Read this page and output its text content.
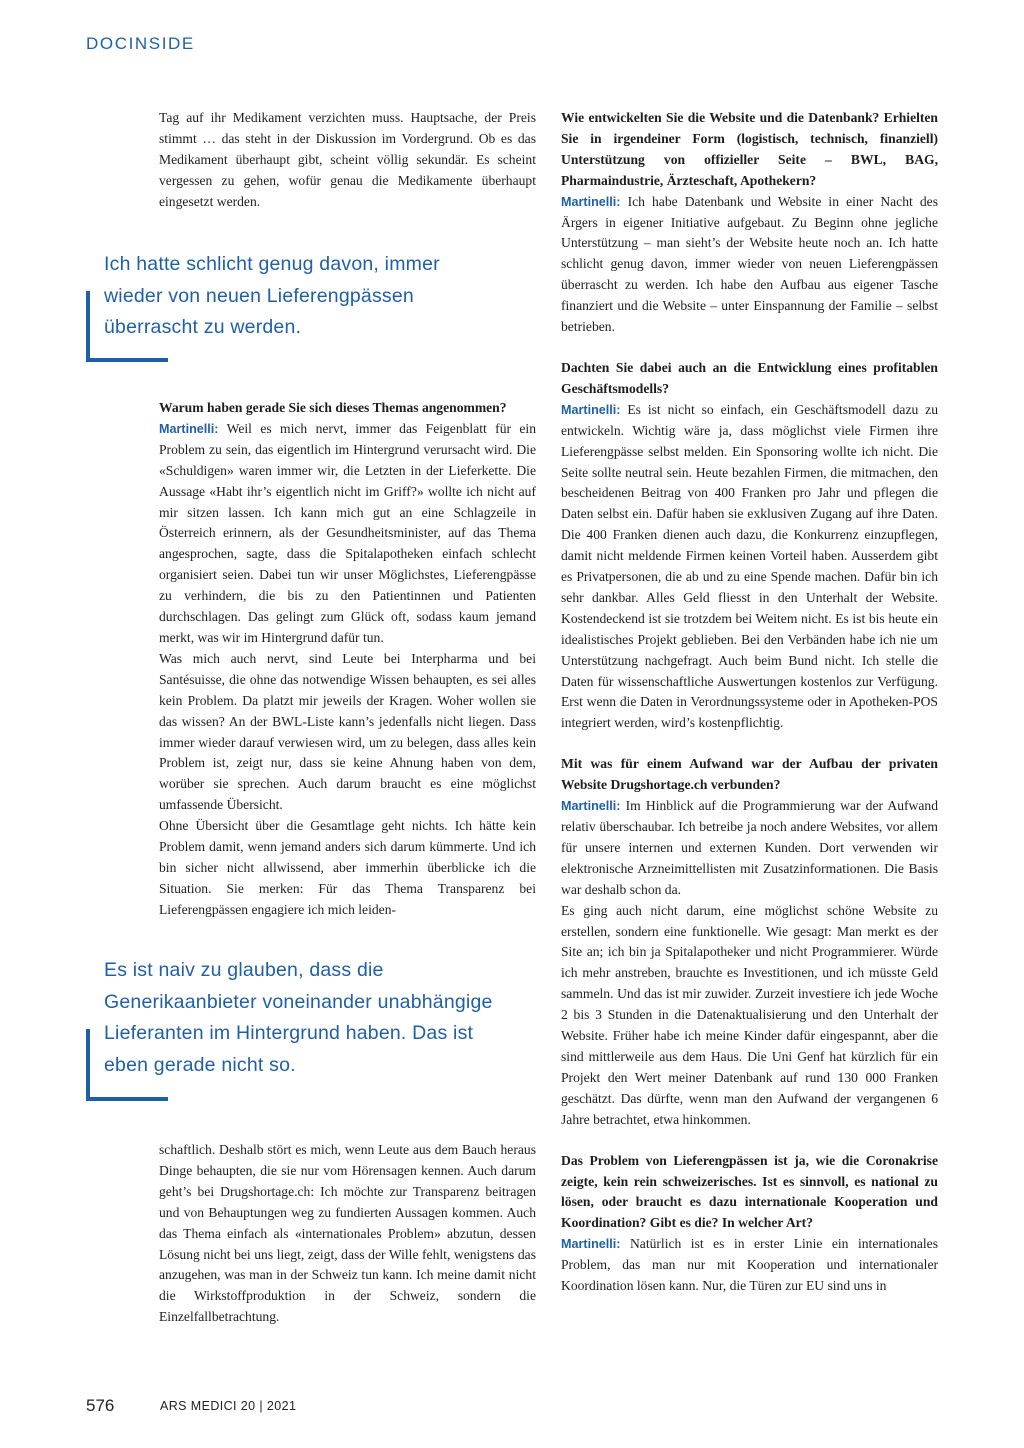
DOCINSIDE

Tag auf ihr Medikament verzichten muss. Hauptsache, der Preis stimmt … das steht in der Diskussion im Vordergrund. Ob es das Medikament überhaupt gibt, scheint völlig sekundär. Es scheint vergessen zu gehen, wofür genau die Medikamente überhaupt eingesetzt werden.

Ich hatte schlicht genug davon, immer
wieder von neuen Lieferengpässen
überrascht zu werden.

Warum haben gerade Sie sich dieses Themas angenommen?

Martinelli: Weil es mich nervt, immer das Feigenblatt für ein Problem zu sein, das eigentlich im Hintergrund verursacht wird. Die «Schuldigen» waren immer wir, die Letzten in der Lieferkette. Die Aussage «Habt ihr’s eigentlich nicht im Griff?» wollte ich nicht auf mir sitzen lassen. Ich kann mich gut an eine Schlagzeile in Österreich erinnern, als der Gesundheitsminister, auf das Thema angesprochen, sagte, dass die Spitalapotheken einfach schlecht organisiert seien. Dabei tun wir unser Möglichstes, Lieferengpässe zu verhindern, die bis zu den Patientinnen und Patienten durchschlagen. Das gelingt zum Glück oft, sodass kaum jemand merkt, was wir im Hintergrund dafür tun.

Was mich auch nervt, sind Leute bei Interpharma und bei Santésuisse, die ohne das notwendige Wissen behaupten, es sei alles kein Problem. Da platzt mir jeweils der Kragen. Woher wollen sie das wissen? An der BWL-Liste kann’s jedenfalls nicht liegen. Dass immer wieder darauf verwiesen wird, um zu belegen, dass alles kein Problem ist, zeigt nur, dass sie keine Ahnung haben von dem, worüber sie sprechen. Auch darum braucht es eine möglichst umfassende Übersicht.

Ohne Übersicht über die Gesamtlage geht nichts. Ich hätte kein Problem damit, wenn jemand anders sich darum kümmerte. Und ich bin sicher nicht allwissend, aber immerhin überblicke ich die Situation. Sie merken: Für das Thema Transparenz bei Lieferengpässen engagiere ich mich leiden-

Es ist naiv zu glauben, dass die
Generikaanbieter voneinander unabhängige
Lieferanten im Hintergrund haben. Das ist
eben gerade nicht so.

schaftlich. Deshalb stört es mich, wenn Leute aus dem Bauch heraus Dinge behaupten, die sie nur vom Hörensagen kennen. Auch darum geht’s bei Drugshortage.ch: Ich möchte zur Transparenz beitragen und von Behauptungen weg zu fundierten Aussagen kommen. Auch das Thema einfach als «internationales Problem» abzutun, dessen Lösung nicht bei uns liegt, zeigt, dass der Wille fehlt, wenigstens das anzugehen, was man in der Schweiz tun kann. Ich meine damit nicht die Wirkstoffproduktion in der Schweiz, sondern die Einzelfallbetrachtung.

Wie entwickelten Sie die Website und die Datenbank? Erhielten Sie in irgendeiner Form (logistisch, technisch, finanziell) Unterstützung von offizieller Seite – BWL, BAG, Pharmaindustrie, Ärzteschaft, Apothekern?

Martinelli: Ich habe Datenbank und Website in einer Nacht des Ärgers in eigener Initiative aufgebaut. Zu Beginn ohne jegliche Unterstützung – man sieht’s der Website heute noch an. Ich hatte schlicht genug davon, immer wieder von neuen Lieferengpässen überrascht zu werden. Ich habe den Aufbau aus eigener Tasche finanziert und die Website – unter Einspannung der Familie – selbst betrieben.

Dachten Sie dabei auch an die Entwicklung eines profitablen Geschäftsmodells?

Martinelli: Es ist nicht so einfach, ein Geschäftsmodell dazu zu entwickeln. Wichtig wäre ja, dass möglichst viele Firmen ihre Lieferengpässe selbst melden. Ein Sponsoring wollte ich nicht. Die Seite sollte neutral sein. Heute bezahlen Firmen, die mitmachen, den bescheidenen Beitrag von 400 Franken pro Jahr und pflegen die Daten selbst ein. Dafür haben sie exklusiven Zugang auf ihre Daten. Die 400 Franken dienen auch dazu, die Konkurrenz einzupflegen, damit nicht meldende Firmen keinen Vorteil haben. Ausserdem gibt es Privatpersonen, die ab und zu eine Spende machen. Dafür bin ich sehr dankbar. Alles Geld fliesst in den Unterhalt der Website. Kostendeckend ist sie trotzdem bei Weitem nicht. Es ist bis heute ein idealistisches Projekt geblieben. Bei den Verbänden habe ich nie um Unterstützung nachgefragt. Auch beim Bund nicht. Ich stelle die Daten für wissenschaftliche Auswertungen kostenlos zur Verfügung. Erst wenn die Daten in Verordnungssysteme oder in Apotheken-POS integriert werden, wird’s kostenpflichtig.

Mit was für einem Aufwand war der Aufbau der privaten Website Drugshortage.ch verbunden?

Martinelli: Im Hinblick auf die Programmierung war der Aufwand relativ überschaubar. Ich betreibe ja noch andere Websites, vor allem für unsere internen und externen Kunden. Dort verwenden wir elektronische Arzneimittellisten mit Zusatzinformationen. Die Basis war deshalb schon da.

Es ging auch nicht darum, eine möglichst schöne Website zu erstellen, sondern eine funktionelle. Wie gesagt: Man merkt es der Site an; ich bin ja Spitalapotheker und nicht Programmierer. Würde ich mehr anstreben, brauchte es Investitionen, und ich müsste Geld sammeln. Und das ist mir zuwider. Zurzeit investiere ich jede Woche 2 bis 3 Stunden in die Datenaktualisierung und den Unterhalt der Website. Früher habe ich meine Kinder dafür eingespannt, aber die sind mittlerweile aus dem Haus. Die Uni Genf hat kürzlich für ein Projekt den Wert meiner Datenbank auf rund 130 000 Franken geschätzt. Das dürfte, wenn man den Aufwand der vergangenen 6 Jahre betrachtet, etwa hinkommen.

Das Problem von Lieferengpässen ist ja, wie die Coronakrise zeigte, kein rein schweizerisches. Ist es sinnvoll, es national zu lösen, oder braucht es dazu internationale Kooperation und Koordination? Gibt es die? In welcher Art?

Martinelli: Natürlich ist es in erster Linie ein internationales Problem, das man nur mit Kooperation und internationaler Koordination lösen kann. Nur, die Türen zur EU sind uns in

576	ARS MEDICI 20 | 2021
